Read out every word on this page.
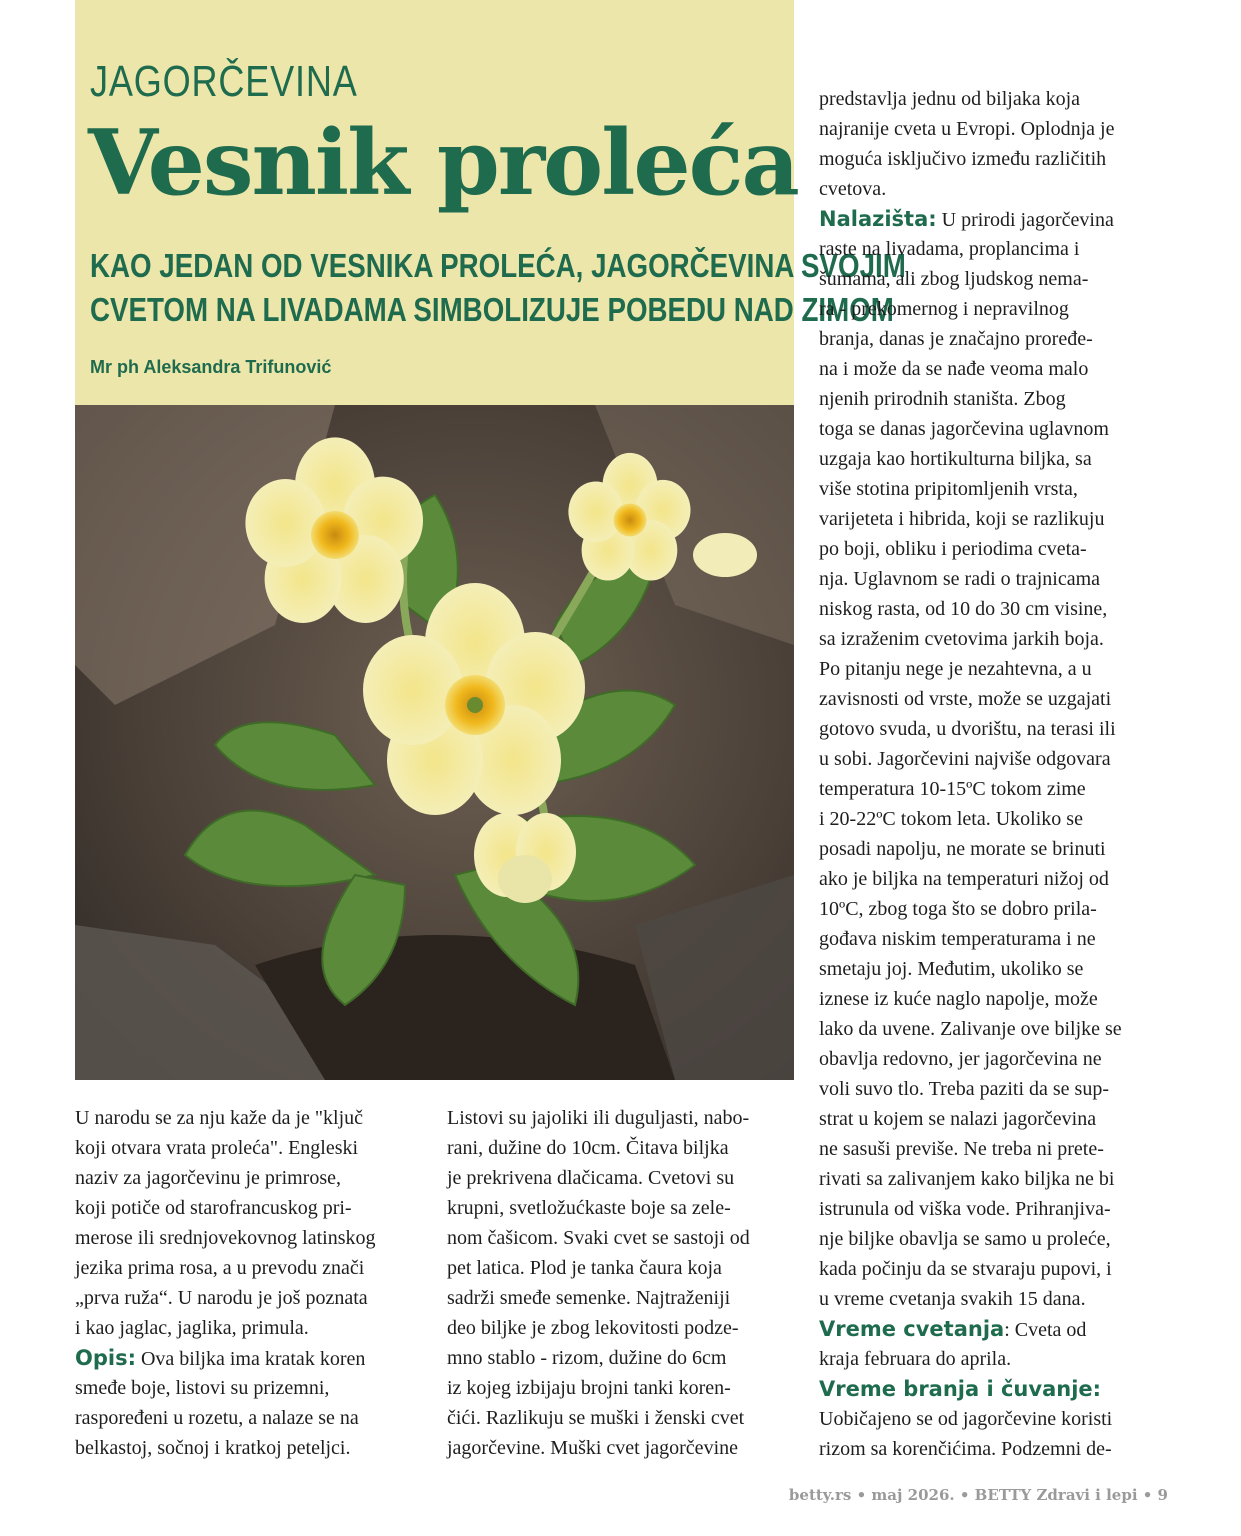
JAGORČEVINA
Vesnik proleća
KAO JEDAN OD VESNIKA PROLEĆA, JAGORČEVINA SVOJIM
CVETOM NA LIVADAMA SIMBOLIZUJE POBEDU NAD ZIMOM
Mr ph Aleksandra Trifunović
U narodu se za nju kaže da je "ključ
koji otvara vrata proleća". Engleski
naziv za jagorčevinu je primrose,
koji potiče od starofrancuskog pri-
merose ili srednjovekovnog latinskog
jezika prima rosa, a u prevodu znači
„prva ruža“. U narodu je još poznata
i kao jaglac, jaglika, primula.
Opis: Ova biljka ima kratak koren
smeđe boje, listovi su prizemni,
raspoređeni u rozetu, a nalaze se na
belkastoj, sočnoj i kratkoj peteljci.
Listovi su jajoliki ili duguljasti, nabo-
rani, dužine do 10cm. Čitava biljka
je prekrivena dlačicama. Cvetovi su
krupni, svetložućkaste boje sa zele-
nom čašicom. Svaki cvet se sastoji od
pet latica. Plod je tanka čaura koja
sadrži smeđe semenke. Najtraženiji
deo biljke je zbog lekovitosti podze-
mno stablo - rizom, dužine do 6cm
iz kojeg izbijaju brojni tanki koren-
čići. Razlikuju se muški i ženski cvet
jagorčevine. Muški cvet jagorčevine
predstavlja jednu od biljaka koja
najranije cveta u Evropi. Oplodnja je
moguća isključivo između različitih
cvetova.
Nalazišta: U prirodi jagorčevina
raste na livadama, proplancima i
šumama, ali zbog ljudskog nema-
ra - prekomernog i nepravilnog
branja, danas je značajno proređe-
na i može da se nađe veoma malo
njenih prirodnih staništa. Zbog
toga se danas jagorčevina uglavnom
uzgaja kao hortikulturna biljka, sa
više stotina pripitomljenih vrsta,
varijeteta i hibrida, koji se razlikuju
po boji, obliku i periodima cveta-
nja. Uglavnom se radi o trajnicama
niskog rasta, od 10 do 30 cm visine,
sa izraženim cvetovima jarkih boja.
Po pitanju nege je nezahtevna, a u
zavisnosti od vrste, može se uzgajati
gotovo svuda, u dvorištu, na terasi ili
u sobi. Jagorčevini najviše odgovara
temperatura 10-15ºC tokom zime
i 20-22ºC tokom leta. Ukoliko se
posadi napolju, ne morate se brinuti
ako je biljka na temperaturi nižoj od
10ºC, zbog toga što se dobro prila-
gođava niskim temperaturama i ne
smetaju joj. Međutim, ukoliko se
iznese iz kuće naglo napolje, može
lako da uvene. Zalivanje ove biljke se
obavlja redovno, jer jagorčevina ne
voli suvo tlo. Treba paziti da se sup-
strat u kojem se nalazi jagorčevina
ne sasuši previše. Ne treba ni prete-
rivati sa zalivanjem kako biljka ne bi
istrunula od viška vode. Prihranjiva-
nje biljke obavlja se samo u proleće,
kada počinju da se stvaraju pupovi, i
u vreme cvetanja svakih 15 dana.
Vreme cvetanja: Cveta od
kraja februara do aprila.
Vreme branja i čuvanje:
Uobičajeno se od jagorčevine koristi
rizom sa korenčićima. Podzemni de-
betty.rs • maj 2026. • BETTY Zdravi i lepi • 9
